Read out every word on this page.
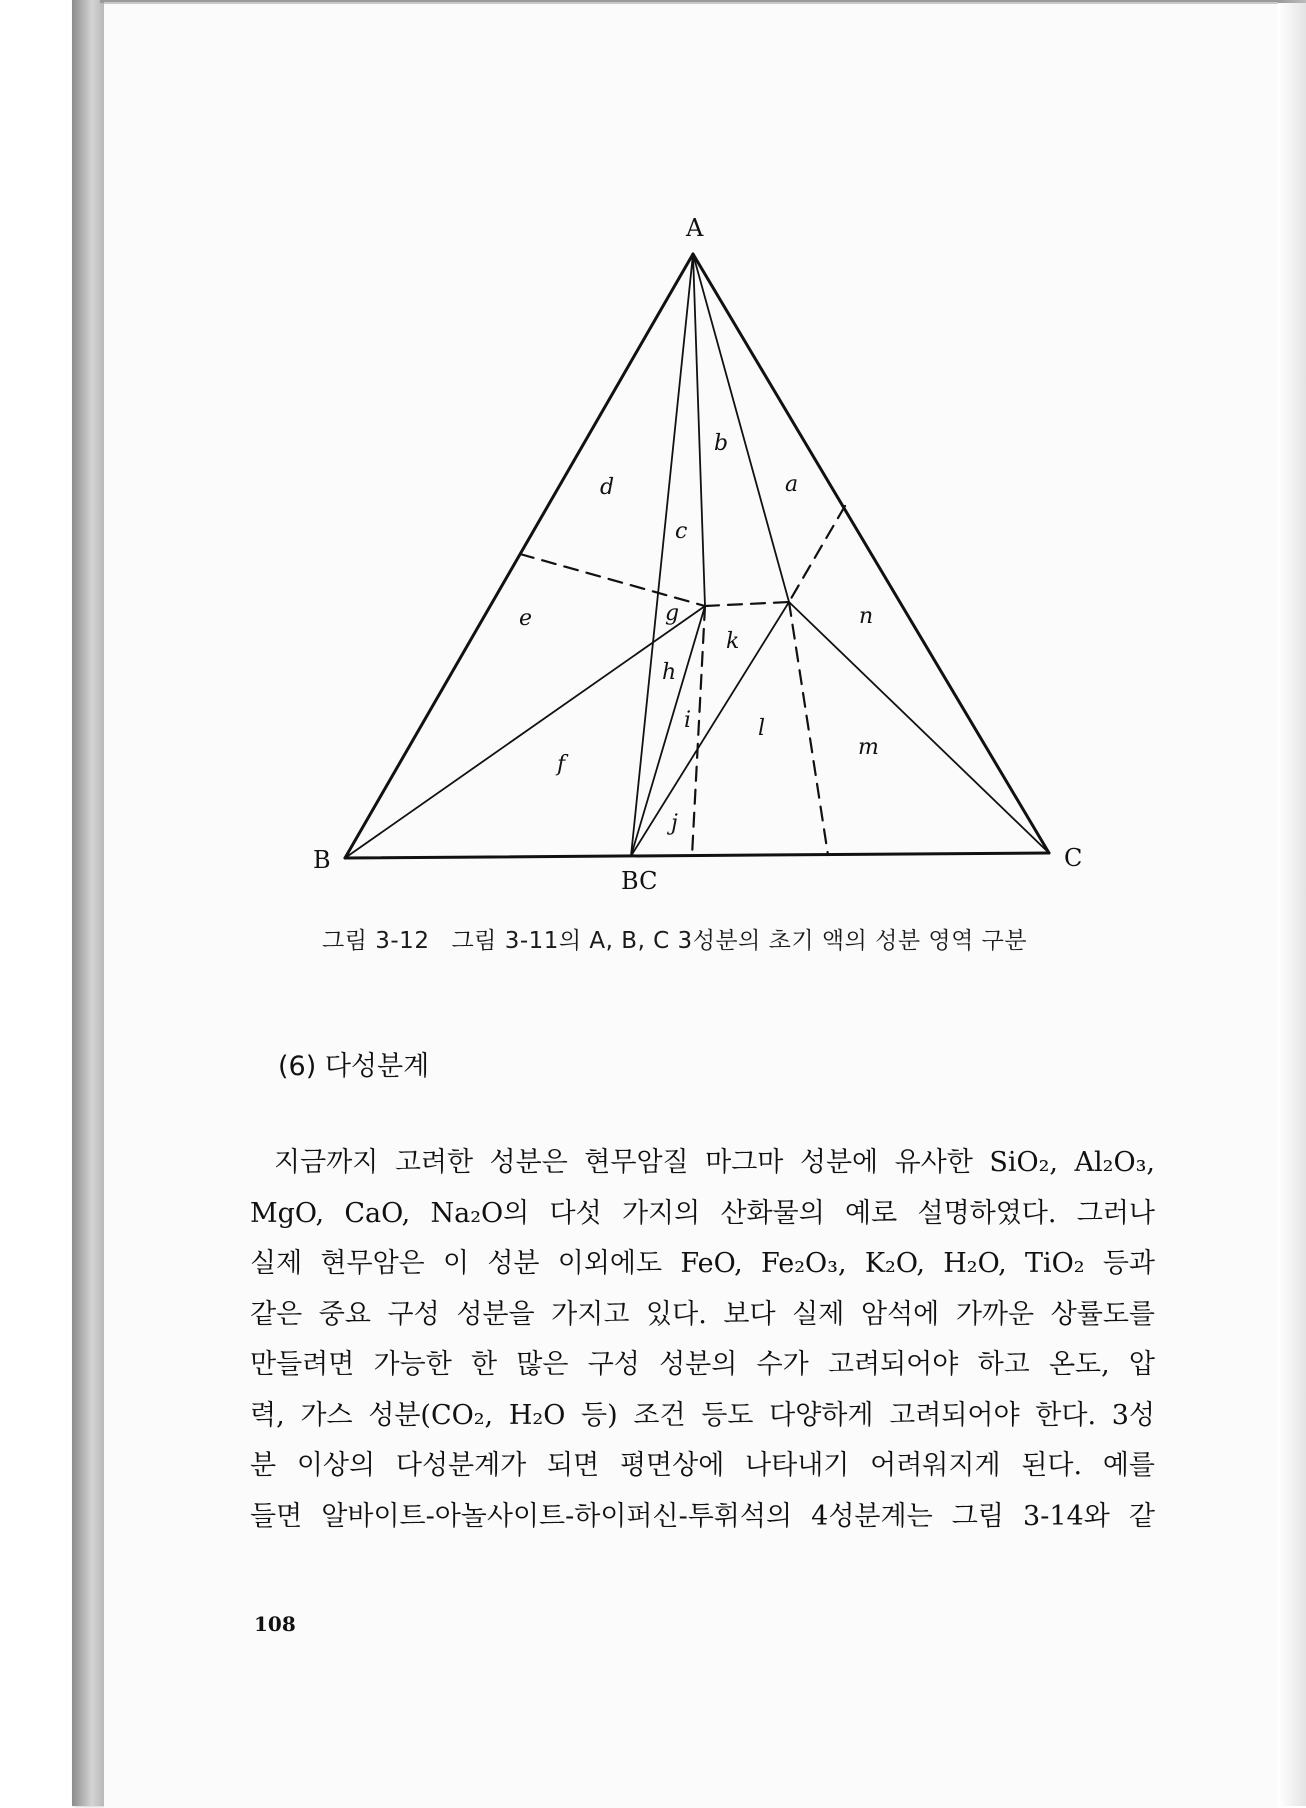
A
B	C
BC
a
b
c
d
e
f
g
h
i
j
k
l
m
n
그림 3-12 그림 3-11의 A, B, C 3성분의 초기 액의 성분 영역 구분
(6) 다성분계
지금까지 고려한 성분은 현무암질 마그마 성분에 유사한 SiO₂, Al₂O₃,
MgO, CaO, Na₂O의 다섯 가지의 산화물의 예로 설명하였다. 그러나
실제 현무암은 이 성분 이외에도 FeO, Fe₂O₃, K₂O, H₂O, TiO₂ 등과
같은 중요 구성 성분을 가지고 있다. 보다 실제 암석에 가까운 상률도를
만들려면 가능한 한 많은 구성 성분의 수가 고려되어야 하고 온도, 압
력, 가스 성분(CO₂, H₂O 등) 조건 등도 다양하게 고려되어야 한다. 3성
분 이상의 다성분계가 되면 평면상에 나타내기 어려워지게 된다. 예를
들면 알바이트-아놀사이트-하이퍼신-투휘석의 4성분계는 그림 3-14와 같
108
